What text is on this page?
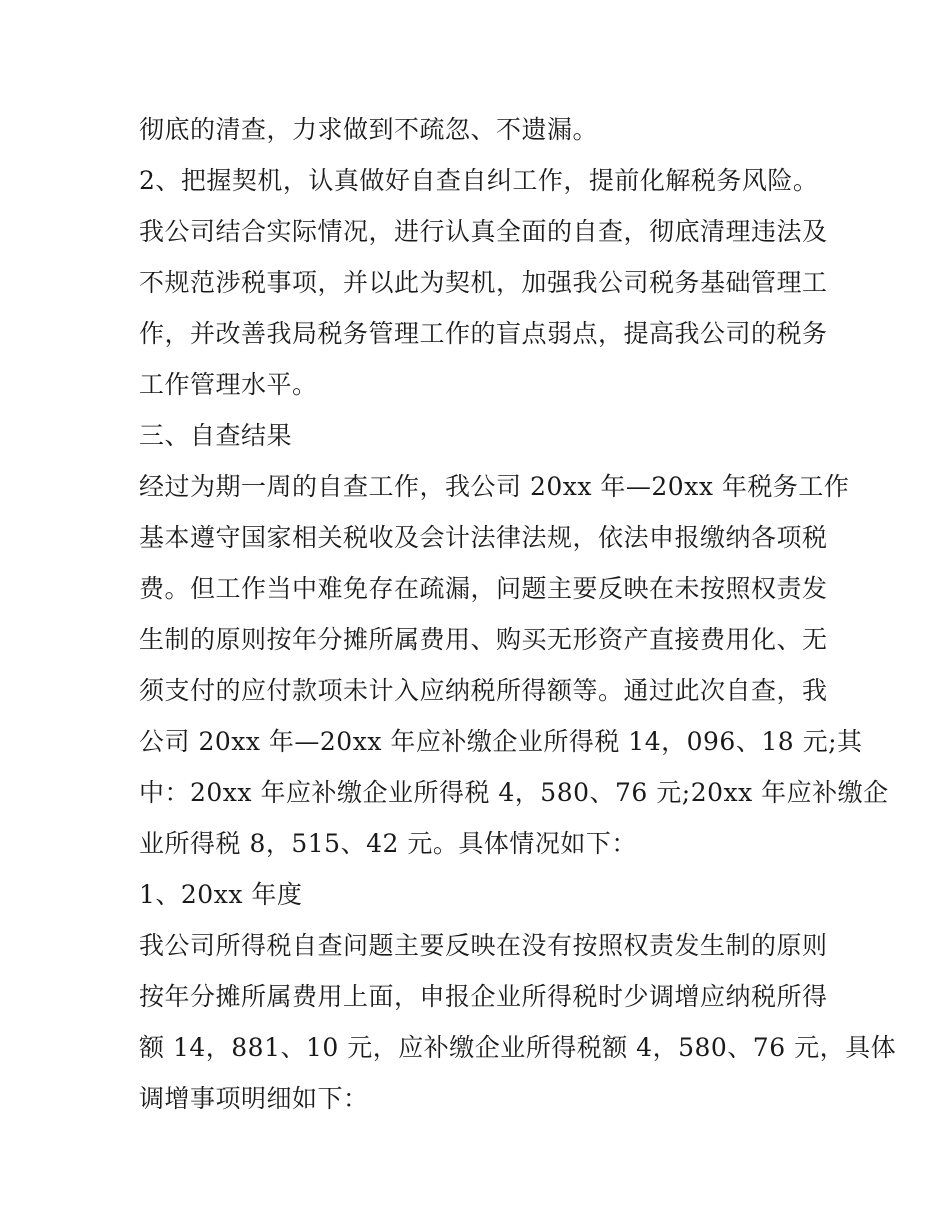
彻底的清查，力求做到不疏忽、不遗漏。
2、把握契机，认真做好自查自纠工作，提前化解税务风险。
我公司结合实际情况，进行认真全面的自查，彻底清理违法及
不规范涉税事项，并以此为契机，加强我公司税务基础管理工
作，并改善我局税务管理工作的盲点弱点，提高我公司的税务
工作管理水平。
三、自查结果
经过为期一周的自查工作，我公司 20xx 年—20xx 年税务工作
基本遵守国家相关税收及会计法律法规，依法申报缴纳各项税
费。但工作当中难免存在疏漏，问题主要反映在未按照权责发
生制的原则按年分摊所属费用、购买无形资产直接费用化、无
须支付的应付款项未计入应纳税所得额等。通过此次自查，我
公司 20xx 年—20xx 年应补缴企业所得税 14，096、18 元;其
中：20xx 年应补缴企业所得税 4，580、76 元;20xx 年应补缴企
业所得税 8，515、42 元。具体情况如下：
1、20xx 年度
我公司所得税自查问题主要反映在没有按照权责发生制的原则
按年分摊所属费用上面，申报企业所得税时少调增应纳税所得
额 14，881、10 元，应补缴企业所得税额 4，580、76 元，具体
调增事项明细如下：
